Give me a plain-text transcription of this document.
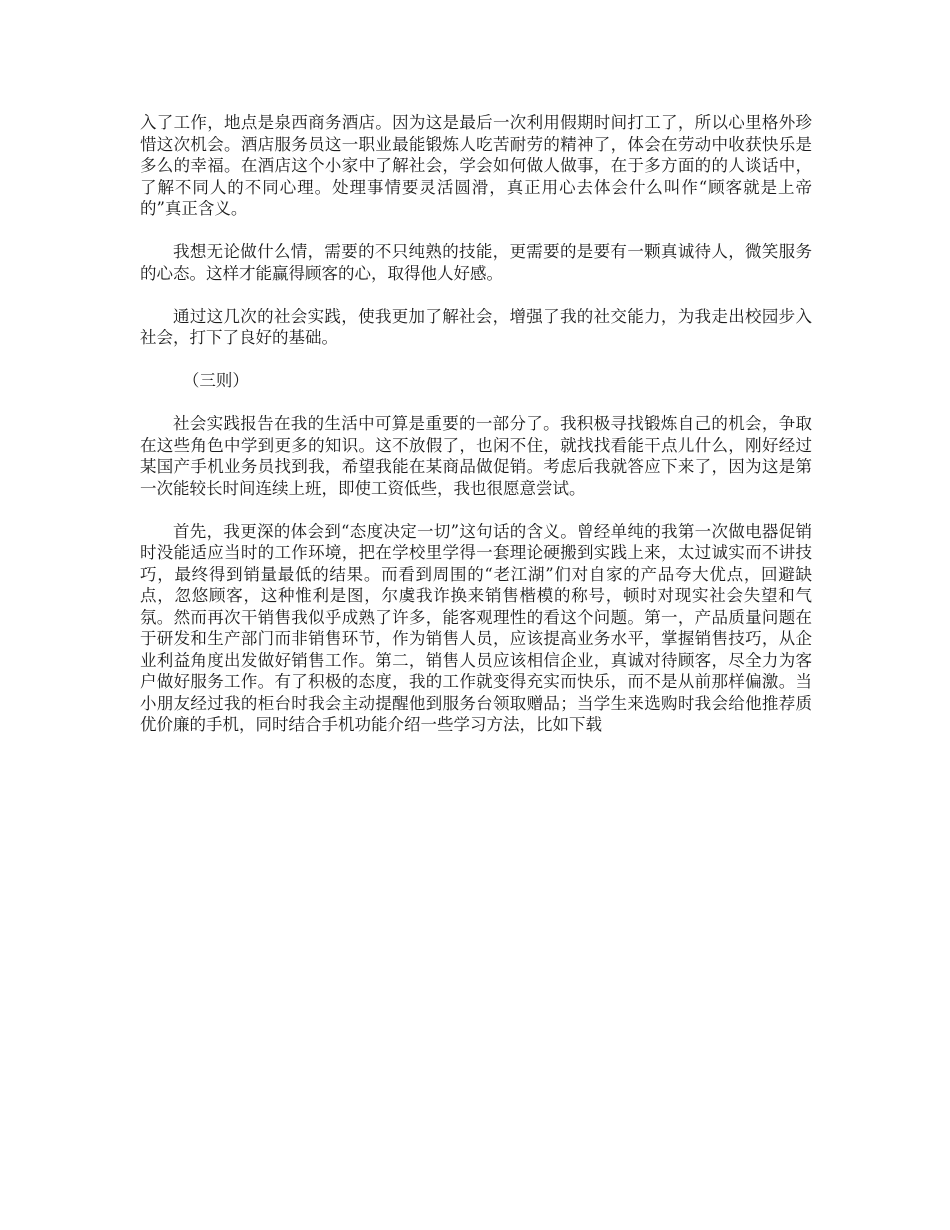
入了工作，地点是泉西商务酒店。因为这是最后一次利用假期时间打工了，所以心里格外珍惜这次机会。酒店服务员这一职业最能锻炼人吃苦耐劳的精神了，体会在劳动中收获快乐是多么的幸福。在酒店这个小家中了解社会，学会如何做人做事，在于多方面的的人谈话中，了解不同人的不同心理。处理事情要灵活圆滑，真正用心去体会什么叫作“顾客就是上帝的”真正含义。

我想无论做什么情，需要的不只纯熟的技能，更需要的是要有一颗真诚待人，微笑服务的心态。这样才能赢得顾客的心，取得他人好感。

通过这几次的社会实践，使我更加了解社会，增强了我的社交能力，为我走出校园步入社会，打下了良好的基础。

（三则）

社会实践报告在我的生活中可算是重要的一部分了。我积极寻找锻炼自己的机会，争取在这些角色中学到更多的知识。这不放假了，也闲不住，就找找看能干点儿什么，刚好经过某国产手机业务员找到我，希望我能在某商品做促销。考虑后我就答应下来了，因为这是第一次能较长时间连续上班，即使工资低些，我也很愿意尝试。

首先，我更深的体会到“态度决定一切”这句话的含义。曾经单纯的我第一次做电器促销时没能适应当时的工作环境，把在学校里学得一套理论硬搬到实践上来，太过诚实而不讲技巧，最终得到销量最低的结果。而看到周围的“老江湖”们对自家的产品夸大优点，回避缺点，忽悠顾客，这种惟利是图，尔虞我诈换来销售楷模的称号，顿时对现实社会失望和气氛。然而再次干销售我似乎成熟了许多，能客观理性的看这个问题。第一，产品质量问题在于研发和生产部门而非销售环节，作为销售人员，应该提高业务水平，掌握销售技巧，从企业利益角度出发做好销售工作。第二，销售人员应该相信企业，真诚对待顾客，尽全力为客户做好服务工作。有了积极的态度，我的工作就变得充实而快乐，而不是从前那样偏激。当小朋友经过我的柜台时我会主动提醒他到服务台领取赠品；当学生来选购时我会给他推荐质优价廉的手机，同时结合手机功能介绍一些学习方法，比如下载
